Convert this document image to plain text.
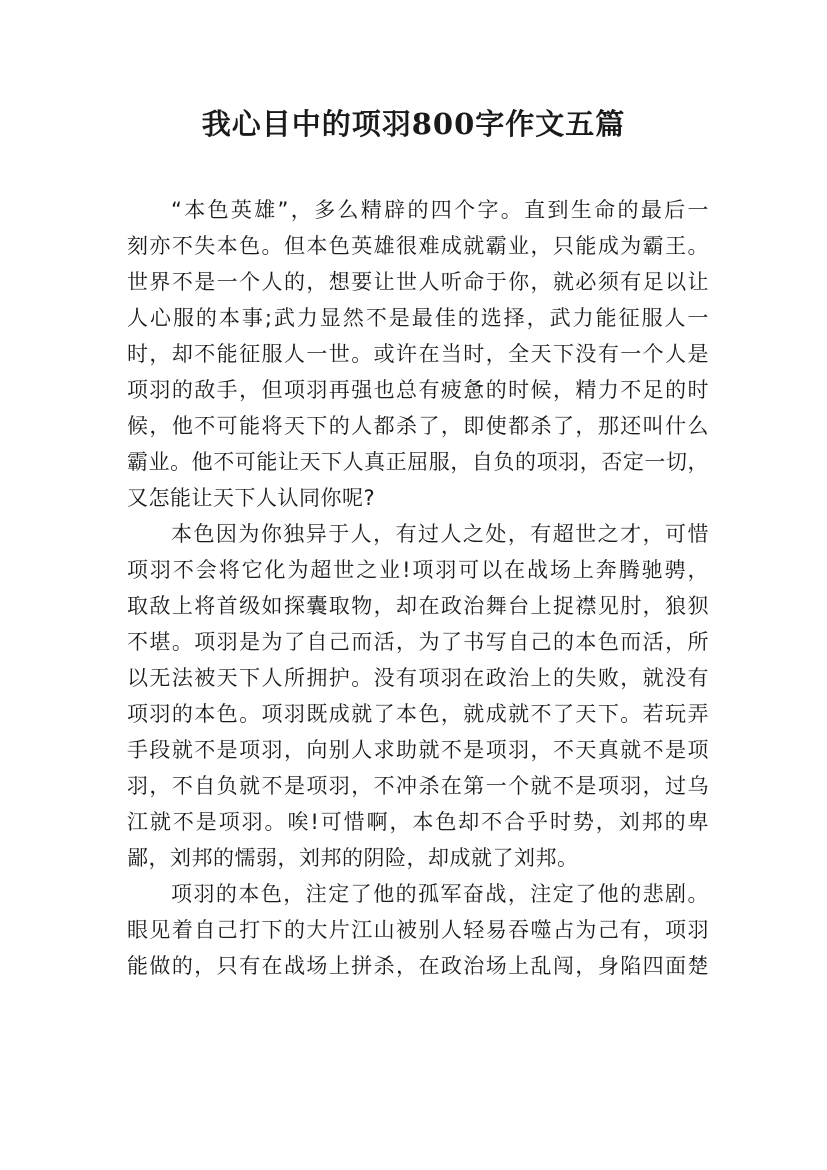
我心目中的项羽800字作文五篇
“本色英雄”，多么精辟的四个字。直到生命的最后一
刻亦不失本色。但本色英雄很难成就霸业，只能成为霸王。
世界不是一个人的，想要让世人听命于你，就必须有足以让
人心服的本事;武力显然不是最佳的选择，武力能征服人一
时，却不能征服人一世。或许在当时，全天下没有一个人是
项羽的敌手，但项羽再强也总有疲惫的时候，精力不足的时
候，他不可能将天下的人都杀了，即使都杀了，那还叫什么
霸业。他不可能让天下人真正屈服，自负的项羽，否定一切，
又怎能让天下人认同你呢?
本色因为你独异于人，有过人之处，有超世之才，可惜
项羽不会将它化为超世之业!项羽可以在战场上奔腾驰骋，
取敌上将首级如探囊取物，却在政治舞台上捉襟见肘，狼狈
不堪。项羽是为了自己而活，为了书写自己的本色而活，所
以无法被天下人所拥护。没有项羽在政治上的失败，就没有
项羽的本色。项羽既成就了本色，就成就不了天下。若玩弄
手段就不是项羽，向别人求助就不是项羽，不天真就不是项
羽，不自负就不是项羽，不冲杀在第一个就不是项羽，过乌
江就不是项羽。唉!可惜啊，本色却不合乎时势，刘邦的卑
鄙，刘邦的懦弱，刘邦的阴险，却成就了刘邦。
项羽的本色，注定了他的孤军奋战，注定了他的悲剧。
眼见着自己打下的大片江山被别人轻易吞噬占为己有，项羽
能做的，只有在战场上拼杀，在政治场上乱闯，身陷四面楚
